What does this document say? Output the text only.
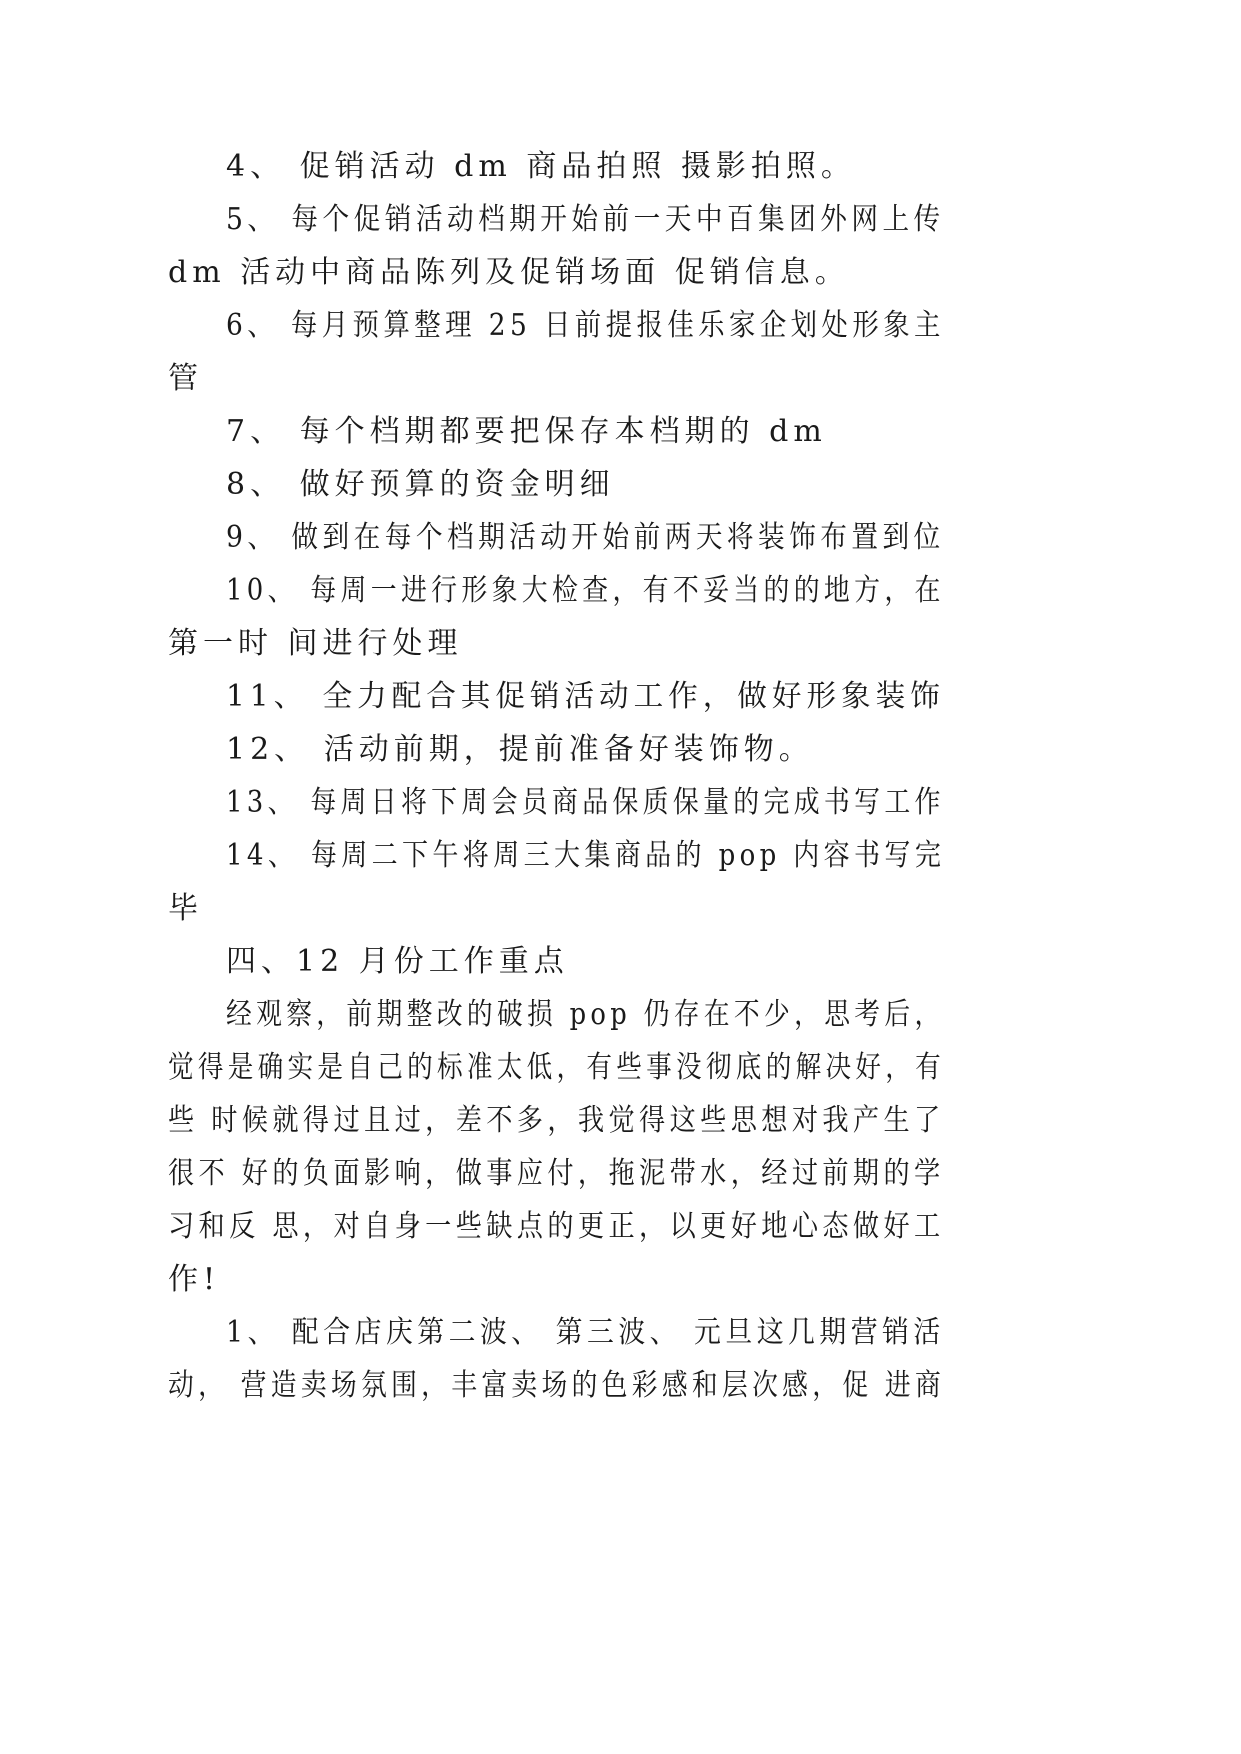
4、 促销活动 dm 商品拍照 摄影拍照。
5、 每个促销活动档期开始前一天中百集团外网上传
dm 活动中商品陈列及促销场面 促销信息。
6、 每月预算整理 25 日前提报佳乐家企划处形象主
管
7、 每个档期都要把保存本档期的 dm
8、 做好预算的资金明细
9、 做到在每个档期活动开始前两天将装饰布置到位
10、 每周一进行形象大检查，有不妥当的的地方，在
第一时 间进行处理
11、 全力配合其促销活动工作，做好形象装饰
12、 活动前期，提前准备好装饰物。
13、 每周日将下周会员商品保质保量的完成书写工作
14、 每周二下午将周三大集商品的 pop 内容书写完
毕
四、12 月份工作重点
经观察，前期整改的破损 pop 仍存在不少，思考后，
觉得是确实是自己的标准太低，有些事没彻底的解决好，有
些 时候就得过且过，差不多，我觉得这些思想对我产生了
很不 好的负面影响，做事应付，拖泥带水，经过前期的学
习和反 思，对自身一些缺点的更正，以更好地心态做好工
作!
1、 配合店庆第二波、 第三波、 元旦这几期营销活
动， 营造卖场氛围，丰富卖场的色彩感和层次感，促 进商
